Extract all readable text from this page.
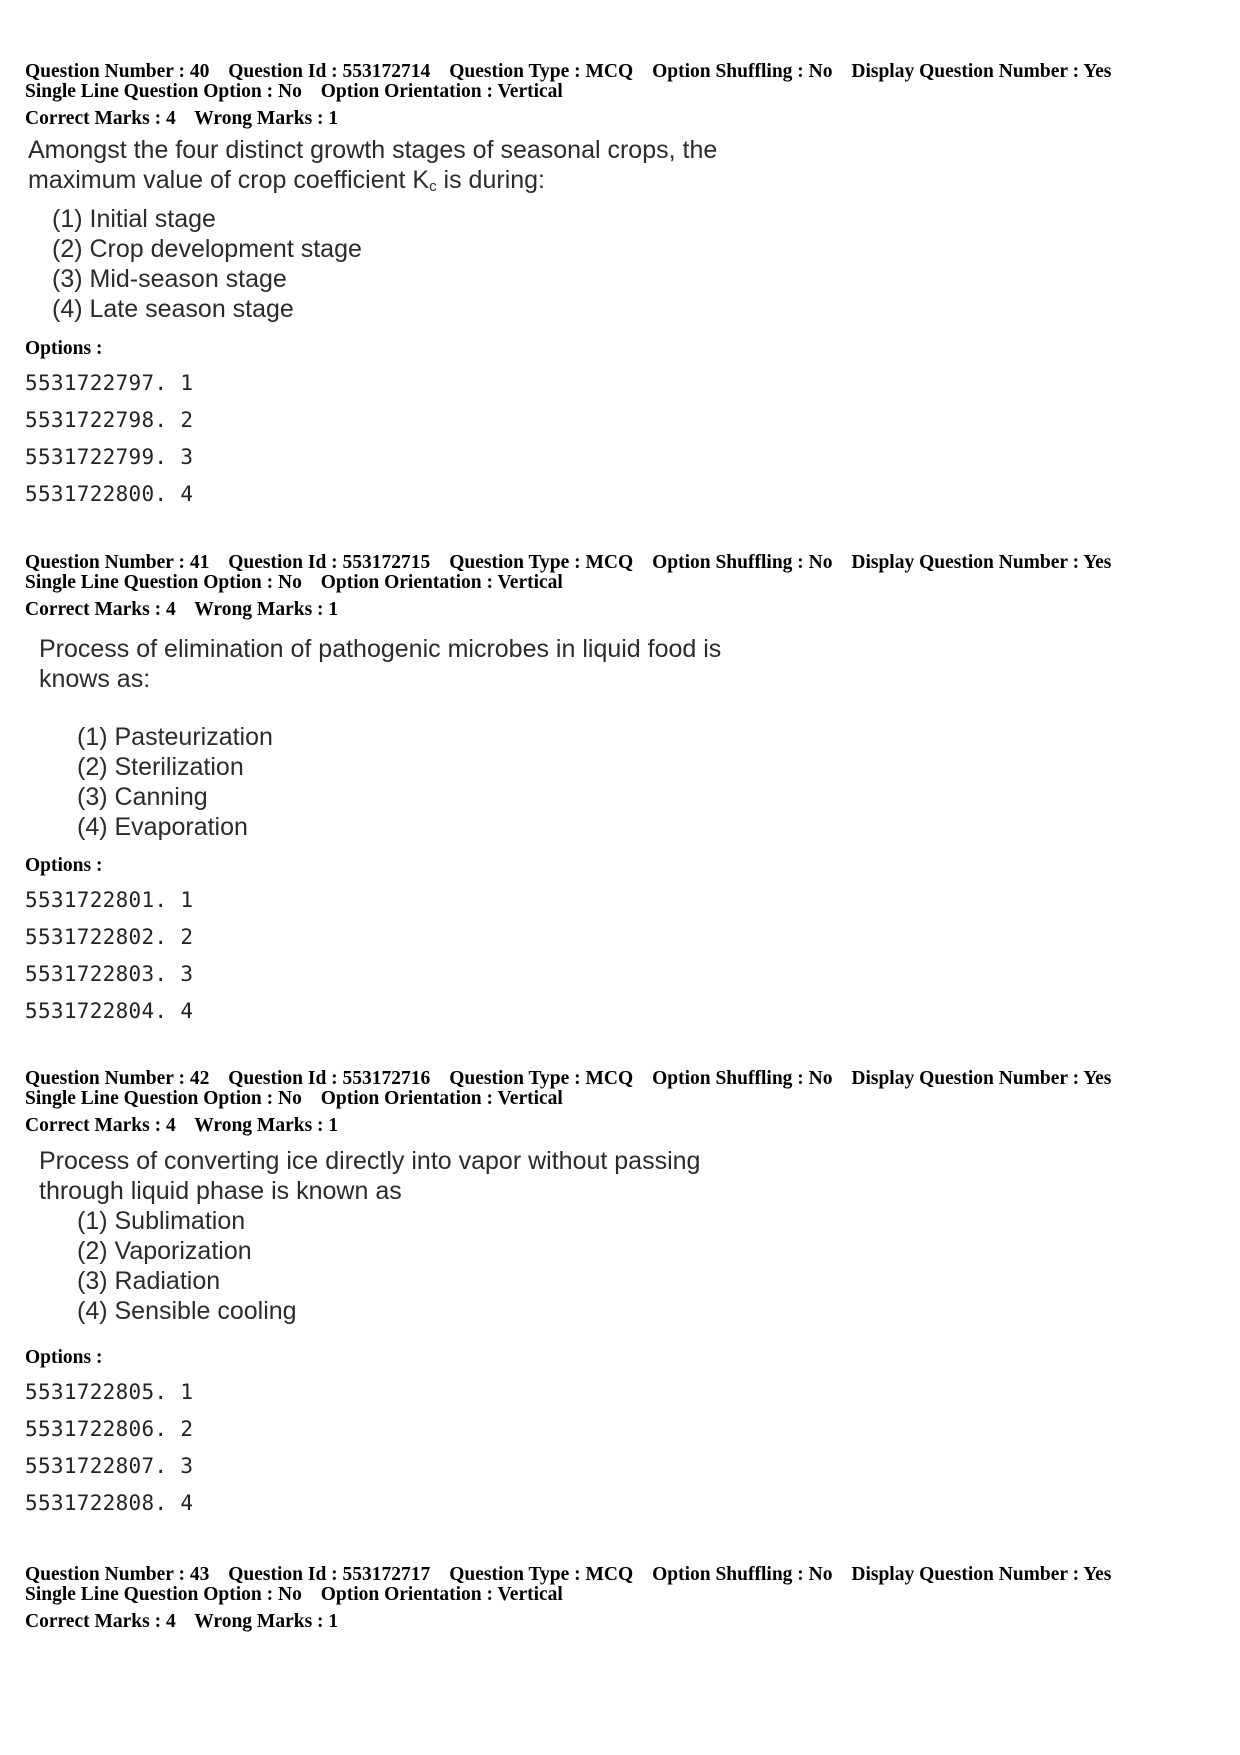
Question Number : 40 Question Id : 553172714 Question Type : MCQ Option Shuffling : No Display Question Number : Yes

Single Line Question Option : No Option Orientation : Vertical

Correct Marks : 4 Wrong Marks : 1

Amongst the four distinct growth stages of seasonal crops, the

maximum value of crop coefficient $K_c$ is during:

(1) Initial stage
(2) Crop development stage
(3) Mid-season stage
(4) Late season stage
Options :
5531722797. 1
5531722798. 2
5531722799. 3
5531722800. 4

Question Number : 41 Question Id : 553172715 Question Type : MCQ Option Shuffling : No Display Question Number : Yes

Single Line Question Option : No Option Orientation : Vertical

Correct Marks : 4 Wrong Marks : 1

Process of elimination of pathogenic microbes in liquid food is

knows as:

(1) Pasteurization
(2) Sterilization
(3) Canning
(4) Evaporation
Options :
5531722801. 1
5531722802. 2
5531722803. 3
5531722804. 4

Question Number : 42 Question Id : 553172716 Question Type : MCQ Option Shuffling : No Display Question Number : Yes

Single Line Question Option : No Option Orientation : Vertical

Correct Marks : 4 Wrong Marks : 1

Process of converting ice directly into vapor without passing

through liquid phase is known as

(1) Sublimation
(2) Vaporization
(3) Radiation
(4) Sensible cooling
Options :
5531722805. 1
5531722806. 2
5531722807. 3
5531722808. 4

Question Number : 43 Question Id : 553172717 Question Type : MCQ Option Shuffling : No Display Question Number : Yes

Single Line Question Option : No Option Orientation : Vertical

Correct Marks : 4 Wrong Marks : 1
